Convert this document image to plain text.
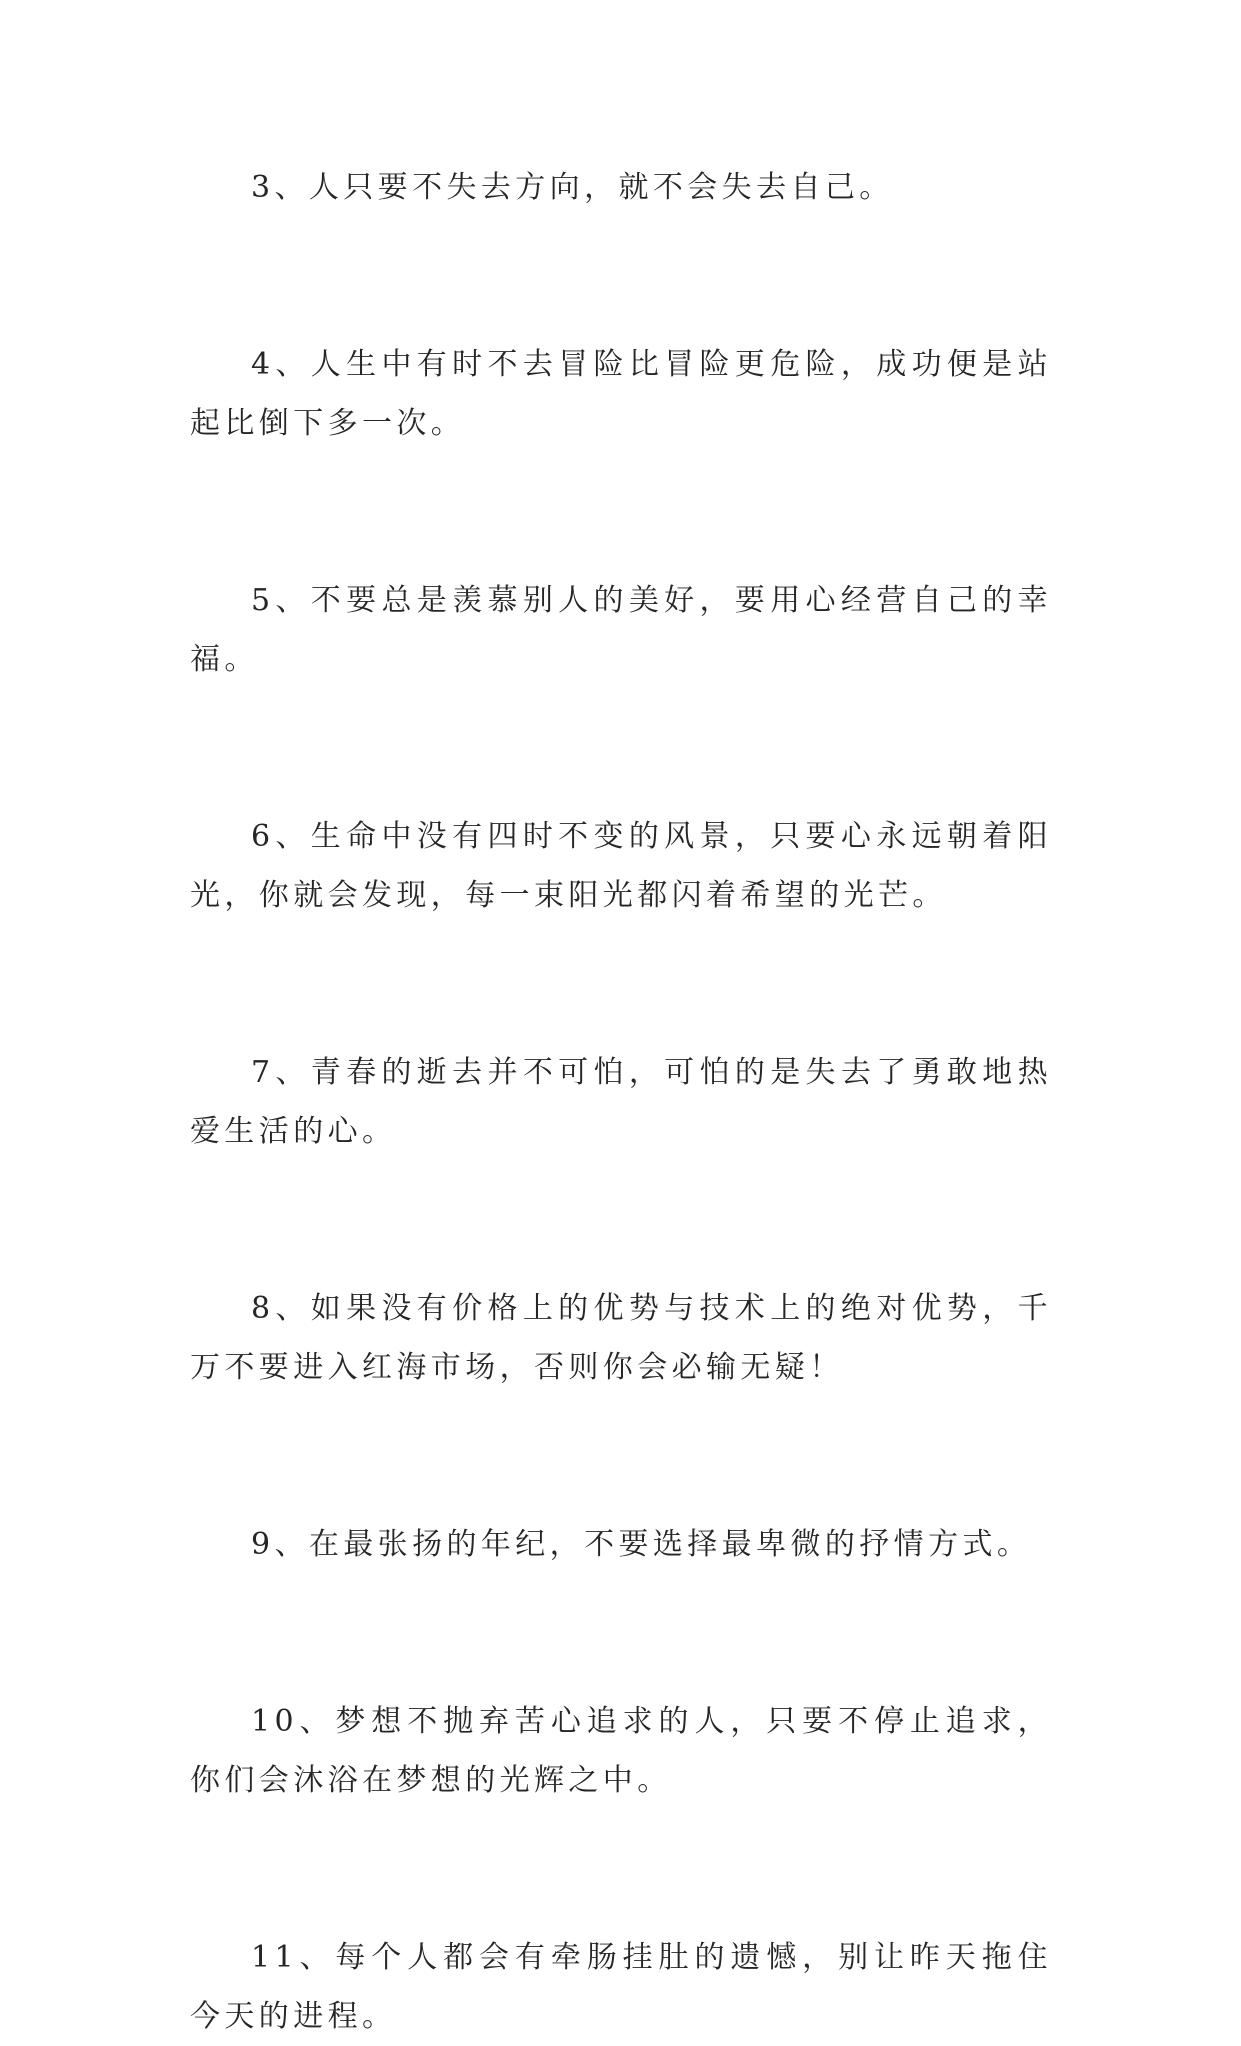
3、人只要不失去方向，就不会失去自己。

4、人生中有时不去冒险比冒险更危险，成功便是站起比倒下多一次。

5、不要总是羡慕别人的美好，要用心经营自己的幸福。

6、生命中没有四时不变的风景，只要心永远朝着阳光，你就会发现，每一束阳光都闪着希望的光芒。

7、青春的逝去并不可怕，可怕的是失去了勇敢地热爱生活的心。

8、如果没有价格上的优势与技术上的绝对优势，千万不要进入红海市场，否则你会必输无疑！

9、在最张扬的年纪，不要选择最卑微的抒情方式。

10、梦想不抛弃苦心追求的人，只要不停止追求，你们会沐浴在梦想的光辉之中。

11、每个人都会有牵肠挂肚的遗憾，别让昨天拖住今天的进程。
